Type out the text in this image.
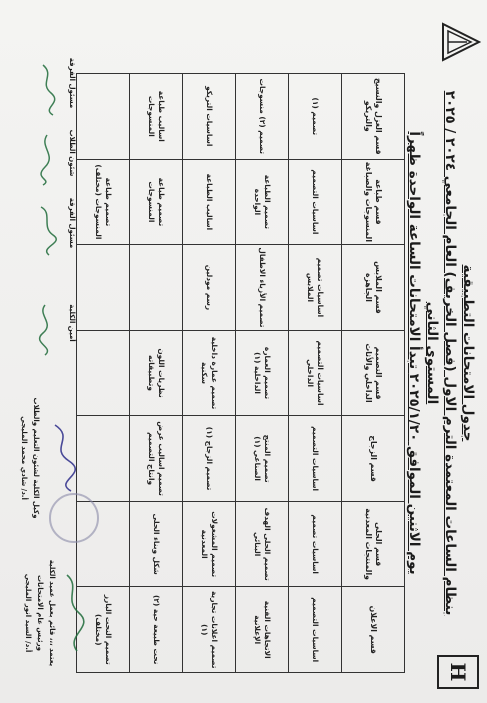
H
جدول الامتحانات التطبيقية
بنظام الساعات المعتمدة الترم الاول (فصل الخريف) العام الجامعي ٢٠٢٤ / ٢٠٢٥
المستوى الثاني
يوم الاثنين الموافق ٢٠٢٥/١/٢٠ تبدأ الامتحانات الساعة الواحدة ظهراً
قسم الاعلان	قسم الحلى والمنتجات المعدنية	قسم الزجاج	قسم التصميم الداخلي والأثاث	قسم الملابس الجاهزة	قسم طباعة المنسوجات والصباغة	قسم الغزل والنسيج والتريكو
اساسيات التصميم	اساسيات تصميم	اساسيات التصميم	اساسيات التصميم الداخلي	اساسيات تصميم الملابس	اساسيات التصميم	تصميم (١)
الاتجاهات الفنية الإعلانية	تصميم الحلى الهدف البنائي	تصميم المنتج الصناعي (١)	تصميم العمارة الداخلية (١)	تصميم الأزياء الاطفال	تصميم الطباعة الواحدة	تصميم (٢) منسوجات
تصميم اعلانات تجارية (١)	تصميم المشغولات المعدنية	تصميم الزجاج (١)	تصميم عمارة داخلية سكنية	رسم مودلين	اساليب الطباعة	اساسيات التريكو
نحت طبيعة حية (٢)	شكل وبناء الحلى	تصميم اساليب عرض وانتاج التصميم	نظريات اللون وتطبيقاته		تصميم طباعة المنسوجات	اساليب طباعة المنسوجات
تصميم النحت البارز (مختلف)					تصميم طباعة المنسوجات (مختلف)	
مسئول الفرقة
شئون الطلاب
مسئول الفرقة
أمين الكلية
وكيل الكلية لشئون التعليم والطلاب
أ.د/ شادي محمد المليجي
يعتمد ،،، قائم بعمل عميد الكلية
ورئيس عام الامتحانات
أ.د/ السيد انور المليجي
